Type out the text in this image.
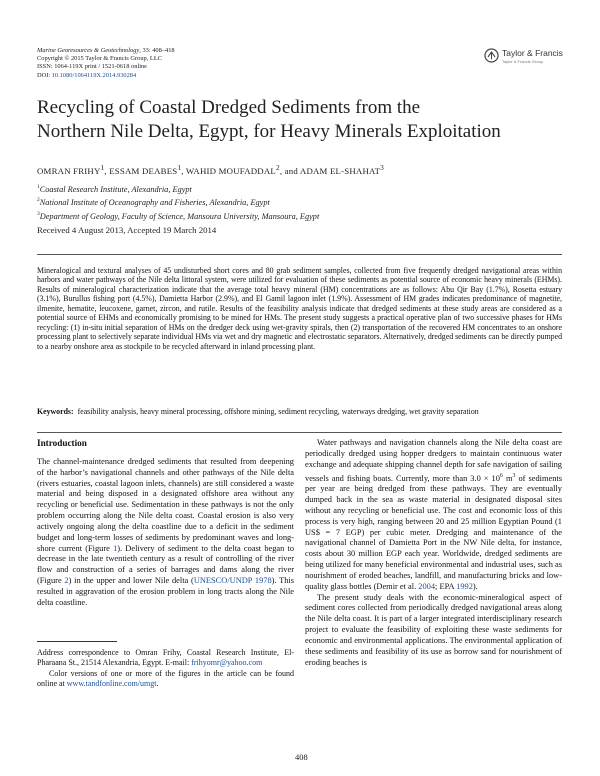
Marine Georesources & Geotechnology, 33: 408–418
Copyright © 2015 Taylor & Francis Group, LLC
ISSN: 1064-119X print / 1521-0618 online
DOI: 10.1080/1064119X.2014.930284
Taylor & Francis
Taylor & Francis Group
Recycling of Coastal Dredged Sediments from the
Northern Nile Delta, Egypt, for Heavy Minerals Exploitation
OMRAN FRIHY$^1$, ESSAM DEABES$^1$, WAHID MOUFADDAL$^2$, and ADAM EL-SHAHAT$^3$
$^1$Coastal Research Institute, Alexandria, Egypt
$^2$National Institute of Oceanography and Fisheries, Alexandria, Egypt
$^3$Department of Geology, Faculty of Science, Mansoura University, Mansoura, Egypt
Received 4 August 2013, Accepted 19 March 2014
Mineralogical and textural analyses of 45 undisturbed short cores and 80 grab sediment samples, collected from five frequently dredged navigational areas within harbors and water pathways of the Nile delta littoral system, were utilized for evaluation of these sediments as potential source of economic heavy minerals (EHMs). Results of mineralogical characterization indicate that the average total heavy mineral (HM) concentrations are as follows: Abu Qir Bay (1.7%), Rosetta estuary (3.1%), Burullus fishing port (4.5%), Damietta Harbor (2.9%), and El Gamil lagoon inlet (1.9%). Assessment of HM grades indicates predominance of magnetite, ilmenite, hematite, leucoxene, garnet, zircon, and rutile. Results of the feasibility analysis indicate that dredged sediments at these study areas are considered as a potential source of EHMs and economically promising to be mined for HMs. The present study suggests a practical operative plan of two successive phases for HMs recycling: (1) in-situ initial separation of HMs on the dredger deck using wet-gravity spirals, then (2) transportation of the recovered HM concentrates to an onshore processing plant to selectively separate individual HMs via wet and dry magnetic and electrostatic separators. Alternatively, dredged sediments can be directly pumped to a nearby onshore area as stockpile to be recycled afterward in inland processing plant.
Keywords: feasibility analysis, heavy mineral processing, offshore mining, sediment recycling, waterways dredging, wet gravity separation
Introduction

The channel-maintenance dredged sediments that resulted from deepening of the harbor’s navigational channels and other pathways of the Nile delta (rivers estuaries, coastal lagoon inlets, channels) are still considered a waste material and being disposed in a designated offshore area without any recycling or beneficial use. Sedimentation in these pathways is not the only problem occurring along the Nile delta coast. Coastal erosion is also very actively ongoing along the delta coastline due to a deficit in the sediment budget and long-term losses of sediments by predominant waves and long-shore current (Figure 1). Delivery of sediment to the delta coast began to decrease in the late twentieth century as a result of controlling of the river flow and construction of a series of barrages and dams along the river (Figure 2) in the upper and lower Nile delta (UNESCO/UNDP 1978). This resulted in aggravation of the erosion problem in long tracts along the Nile delta coastline.

Address correspondence to Omran Frihy, Coastal Research Institute, El-Pharaana St., 21514 Alexandria, Egypt. E-mail: frihyomr@yahoo.com

Color versions of one or more of the figures in the article can be found online at www.tandfonline.com/umgt.

Water pathways and navigation channels along the Nile delta coast are periodically dredged using hopper dredgers to maintain continuous water exchange and adequate shipping channel depth for safe navigation of sailing vessels and fishing boats. Currently, more than $3.0 \times 10^6$ $m^3$ of sediments per year are being dredged from these pathways. They are eventually dumped back in the sea as waste material in designated disposal sites without any recycling or beneficial use. The cost and economic loss of this process is very high, ranging between 20 and 25 million Egyptian Pound (1 US$ = 7 EGP) per cubic meter. Dredging and maintenance of the navigational channel of Damietta Port in the NW Nile delta, for instance, costs about 30 million EGP each year. Worldwide, dredged sediments are being utilized for many beneficial environmental and industrial uses, such as nourishment of eroded beaches, landfill, and manufacturing bricks and low-quality glass bottles (Demir et al. 2004; EPA 1992).

The present study deals with the economic-mineralogical aspect of sediment cores collected from periodically dredged navigational areas along the Nile delta coast. It is part of a larger integrated interdisciplinary research project to evaluate the feasibility of exploiting these waste sediments for economic and environmental applications. The environmental application of these sediments and feasibility of its use as borrow sand for nourishment of eroding beaches is

408
